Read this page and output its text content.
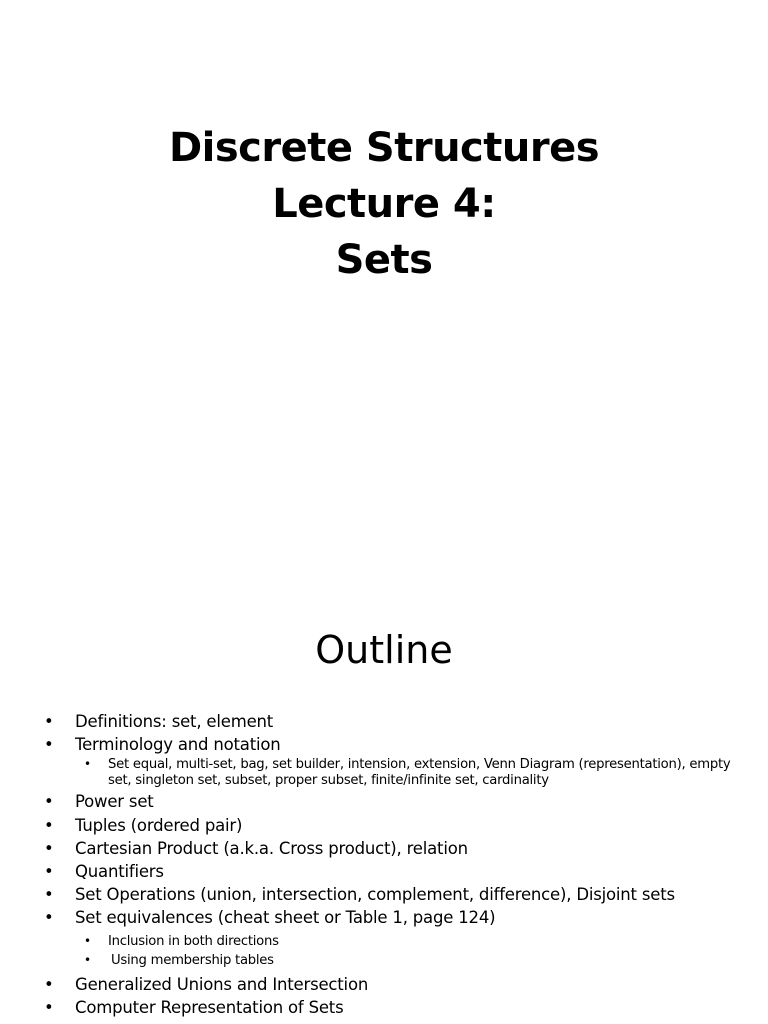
Discrete Structures
Lecture 4:
Sets
Outline
• Definitions: set, element
• Terminology and notation
• Set equal, multi-set, bag, set builder, intension, extension, Venn Diagram (representation), empty set, singleton set, subset, proper subset, finite/infinite set, cardinality
• Power set
• Tuples (ordered pair)
• Cartesian Product (a.k.a. Cross product), relation
• Quantifiers
• Set Operations (union, intersection, complement, difference), Disjoint sets
• Set equivalences (cheat sheet or Table 1, page 124)
• Inclusion in both directions
• Using membership tables
• Generalized Unions and Intersection
• Computer Representation of Sets
